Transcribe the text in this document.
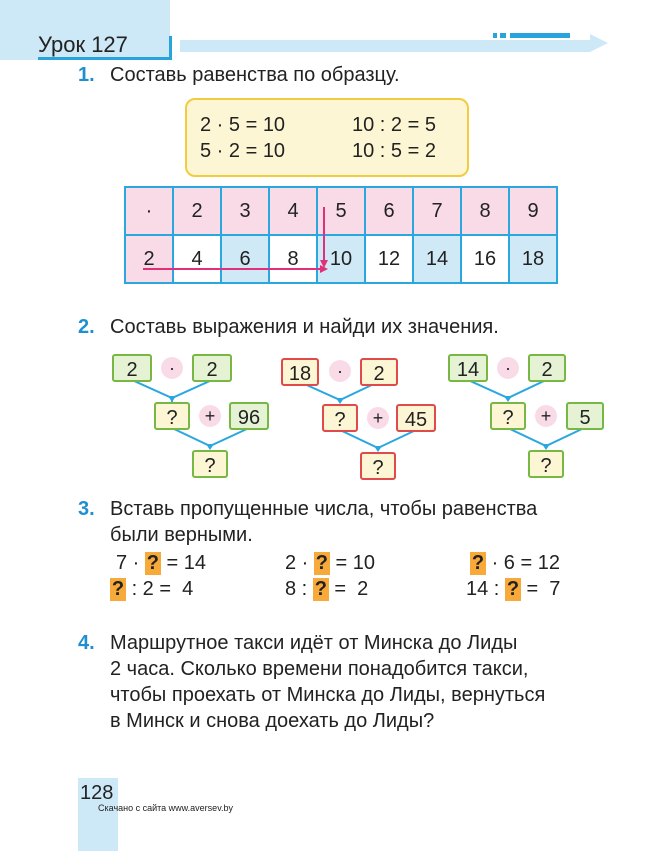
Урок 127
1. Составь равенства по образцу.
2 · 5 = 10	10 : 2 = 5
5 · 2 = 10	10 : 5 = 2
·	2	3	4	5	6	7	8	9
2	4	6	8	10	12	14	16	18
2. Составь выражения и найди их значения.
2	·	2
?	+	96
?
18	·	2
?	+	45
?
14	·	2
?	+	5
?
3. Вставь пропущенные числа, чтобы равенства
были верными.
7 · ? = 14	2 · ? = 10	? · 6 = 12
? : 2 =  4	8 : ? =  2	14 : ? =  7
4. Маршрутное такси идёт от Минска до Лиды
2 часа. Сколько времени понадобится такси,
чтобы проехать от Минска до Лиды, вернуться
в Минск и снова доехать до Лиды?
128
Скачано с сайта www.aversev.by
